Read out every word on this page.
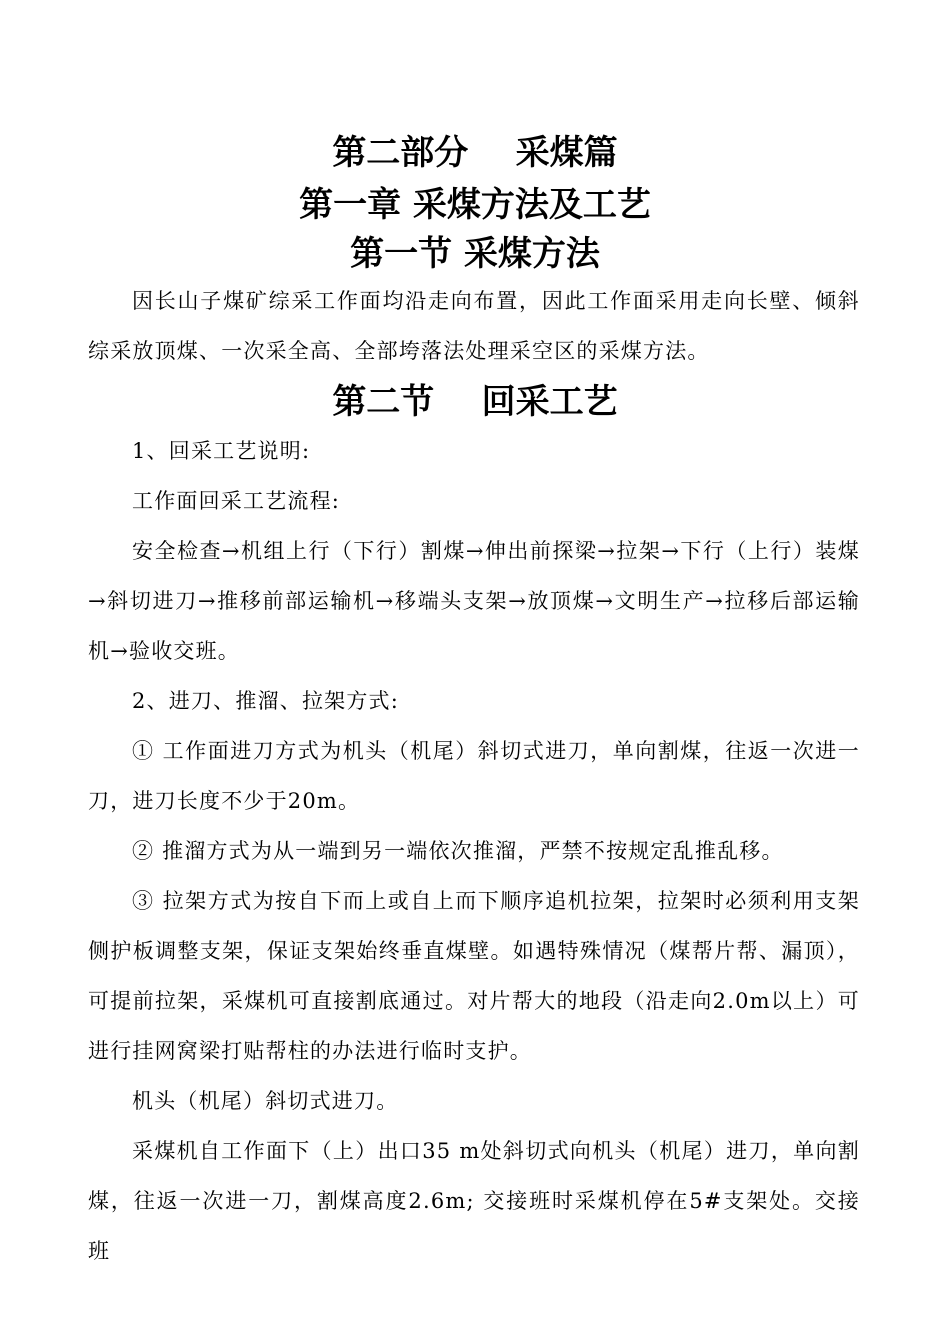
第二部分    采煤篇
第一章 采煤方法及工艺
第一节 采煤方法
因长山子煤矿综采工作面均沿走向布置，因此工作面采用走向长壁、倾斜综采放顶煤、一次采全高、全部垮落法处理采空区的采煤方法。
第二节    回采工艺
1、回采工艺说明:
工作面回采工艺流程:
安全检查→机组上行（下行）割煤→伸出前探梁→拉架→下行（上行）装煤→斜切进刀→推移前部运输机→移端头支架→放顶煤→文明生产→拉移后部运输机→验收交班。
2、进刀、推溜、拉架方式:
① 工作面进刀方式为机头（机尾）斜切式进刀，单向割煤，往返一次进一刀，进刀长度不少于20m。
② 推溜方式为从一端到另一端依次推溜，严禁不按规定乱推乱移。
③ 拉架方式为按自下而上或自上而下顺序追机拉架，拉架时必须利用支架侧护板调整支架，保证支架始终垂直煤壁。如遇特殊情况（煤帮片帮、漏顶），可提前拉架，采煤机可直接割底通过。对片帮大的地段（沿走向2.0m以上）可进行挂网窝梁打贴帮柱的办法进行临时支护。
机头（机尾）斜切式进刀。
采煤机自工作面下（上）出口35 m处斜切式向机头（机尾）进刀，单向割煤，往返一次进一刀，割煤高度2.6m; 交接班时采煤机停在5#支架处。交接班
